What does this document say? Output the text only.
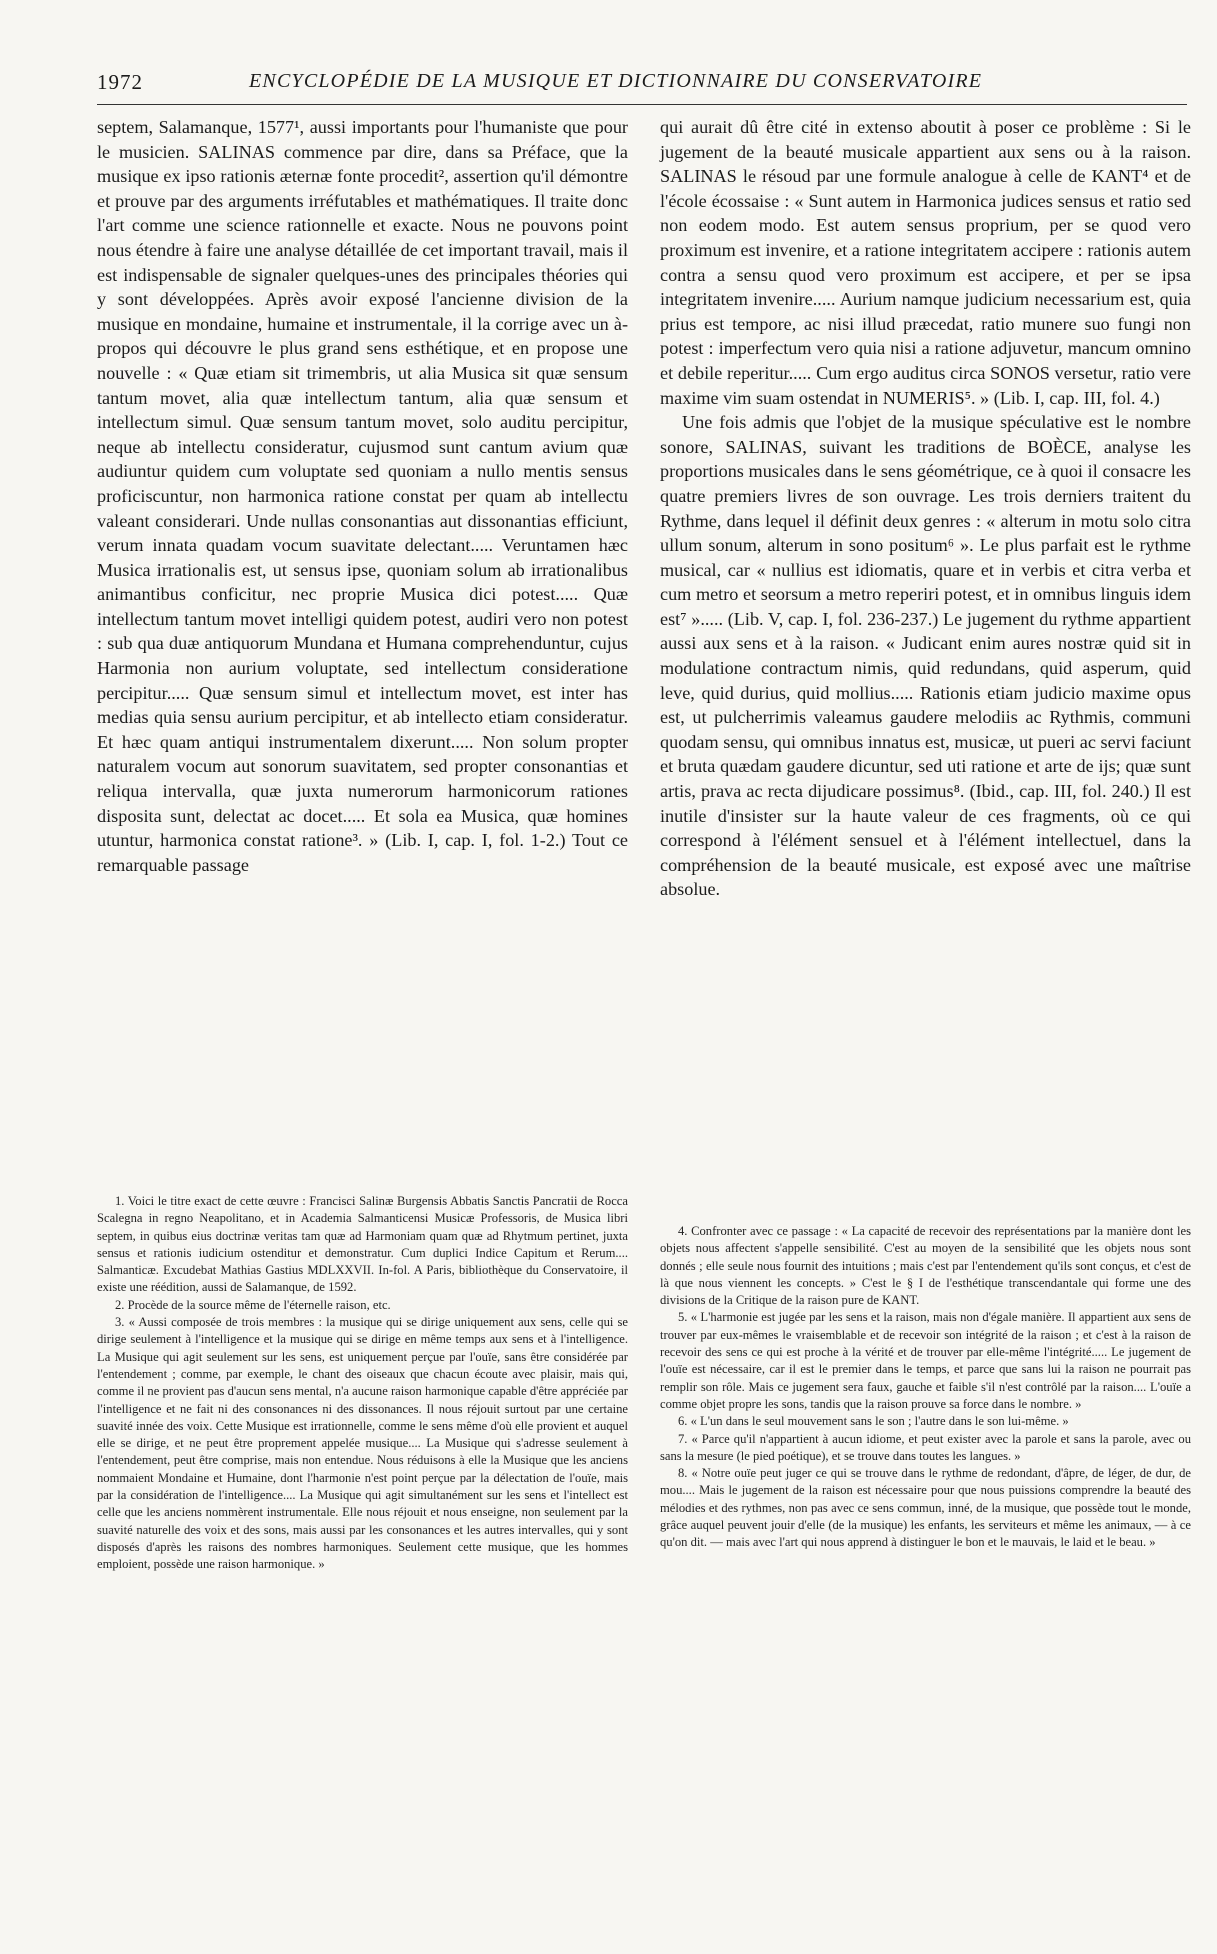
1972	ENCYCLOPÉDIE DE LA MUSIQUE ET DICTIONNAIRE DU CONSERVATOIRE

septem, Salamanque, 1577¹, aussi importants pour l'humaniste que pour le musicien. SALINAS commence par dire, dans sa Préface, que la musique ex ipso rationis æternæ fonte procedit², assertion qu'il démontre et prouve par des arguments irréfutables et mathématiques. Il traite donc l'art comme une science rationnelle et exacte. Nous ne pouvons point nous étendre à faire une analyse détaillée de cet important travail, mais il est indispensable de signaler quelques-unes des principales théories qui y sont développées. Après avoir exposé l'ancienne division de la musique en mondaine, humaine et instrumentale, il la corrige avec un à-propos qui découvre le plus grand sens esthétique, et en propose une nouvelle : « Quæ etiam sit trimembris, ut alia Musica sit quæ sensum tantum movet, alia quæ intellectum tantum, alia quæ sensum et intellectum simul. Quæ sensum tantum movet, solo auditu percipitur, neque ab intellectu consideratur, cujusmod sunt cantum avium quæ audiuntur quidem cum voluptate sed quoniam a nullo mentis sensus proficiscuntur, non harmonica ratione constat per quam ab intellectu valeant considerari. Unde nullas consonantias aut dissonantias efficiunt, verum innata quadam vocum suavitate delectant..... Veruntamen hæc Musica irrationalis est, ut sensus ipse, quoniam solum ab irrationalibus animantibus conficitur, nec proprie Musica dici potest..... Quæ intellectum tantum movet intelligi quidem potest, audiri vero non potest : sub qua duæ antiquorum Mundana et Humana comprehenduntur, cujus Harmonia non aurium voluptate, sed intellectum consideratione percipitur..... Quæ sensum simul et intellectum movet, est inter has medias quia sensu aurium percipitur, et ab intellecto etiam consideratur. Et hæc quam antiqui instrumentalem dixerunt..... Non solum propter naturalem vocum aut sonorum suavitatem, sed propter consonantias et reliqua intervalla, quæ juxta numerorum harmonicorum rationes disposita sunt, delectat ac docet..... Et sola ea Musica, quæ homines utuntur, harmonica constat ratione³. » (Lib. I, cap. I, fol. 1-2.) Tout ce remarquable passage

qui aurait dû être cité in extenso aboutit à poser ce problème : Si le jugement de la beauté musicale appartient aux sens ou à la raison. SALINAS le résoud par une formule analogue à celle de KANT⁴ et de l'école écossaise : « Sunt autem in Harmonica judices sensus et ratio sed non eodem modo. Est autem sensus proprium, per se quod vero proximum est invenire, et a ratione integritatem accipere : rationis autem contra a sensu quod vero proximum est accipere, et per se ipsa integritatem invenire..... Aurium namque judicium necessarium est, quia prius est tempore, ac nisi illud præcedat, ratio munere suo fungi non potest : imperfectum vero quia nisi a ratione adjuvetur, mancum omnino et debile reperitur..... Cum ergo auditus circa SONOS versetur, ratio vere maxime vim suam ostendat in NUMERIS⁵. » (Lib. I, cap. III, fol. 4.)

Une fois admis que l'objet de la musique spéculative est le nombre sonore, SALINAS, suivant les traditions de BOÈCE, analyse les proportions musicales dans le sens géométrique, ce à quoi il consacre les quatre premiers livres de son ouvrage. Les trois derniers traitent du Rythme, dans lequel il définit deux genres : « alterum in motu solo citra ullum sonum, alterum in sono positum⁶ ». Le plus parfait est le rythme musical, car « nullius est idiomatis, quare et in verbis et citra verba et cum metro et seorsum a metro reperiri potest, et in omnibus linguis idem est⁷ »..... (Lib. V, cap. I, fol. 236-237.) Le jugement du rythme appartient aussi aux sens et à la raison. « Judicant enim aures nostræ quid sit in modulatione contractum nimis, quid redundans, quid asperum, quid leve, quid durius, quid mollius..... Rationis etiam judicio maxime opus est, ut pulcherrimis valeamus gaudere melodiis ac Rythmis, communi quodam sensu, qui omnibus innatus est, musicæ, ut pueri ac servi faciunt et bruta quædam gaudere dicuntur, sed uti ratione et arte de ijs; quæ sunt artis, prava ac recta dijudicare possimus⁸. (Ibid., cap. III, fol. 240.) Il est inutile d'insister sur la haute valeur de ces fragments, où ce qui correspond à l'élément sensuel et à l'élément intellectuel, dans la compréhension de la beauté musicale, est exposé avec une maîtrise absolue.

1. Voici le titre exact de cette œuvre : Francisci Salinæ Burgensis Abbatis Sanctis Pancratii de Rocca Scalegna in regno Neapolitano, et in Academia Salmanticensi Musicæ Professoris, de Musica libri septem, in quibus eius doctrinæ veritas tam quæ ad Harmoniam quam quæ ad Rhytmum pertinet, juxta sensus et rationis iudicium ostenditur et demonstratur. Cum duplici Indice Capitum et Rerum.... Salmanticæ. Excudebat Mathias Gastius MDLXXVII. In-fol. A Paris, bibliothèque du Conservatoire, il existe une réédition, aussi de Salamanque, de 1592.

2. Procède de la source même de l'éternelle raison, etc.

3. « Aussi composée de trois membres : la musique qui se dirige uniquement aux sens, celle qui se dirige seulement à l'intelligence et la musique qui se dirige en même temps aux sens et à l'intelligence. La Musique qui agit seulement sur les sens, est uniquement perçue par l'ouïe, sans être considérée par l'entendement ; comme, par exemple, le chant des oiseaux que chacun écoute avec plaisir, mais qui, comme il ne provient pas d'aucun sens mental, n'a aucune raison harmonique capable d'être appréciée par l'intelligence et ne fait ni des consonances ni des dissonances. Il nous réjouit surtout par une certaine suavité innée des voix. Cette Musique est irrationnelle, comme le sens même d'où elle provient et auquel elle se dirige, et ne peut être proprement appelée musique.... La Musique qui s'adresse seulement à l'entendement, peut être comprise, mais non entendue. Nous réduisons à elle la Musique que les anciens nommaient Mondaine et Humaine, dont l'harmonie n'est point perçue par la délectation de l'ouïe, mais par la considération de l'intelligence.... La Musique qui agit simultanément sur les sens et l'intellect est celle que les anciens nommèrent instrumentale. Elle nous réjouit et nous enseigne, non seulement par la suavité naturelle des voix et des sons, mais aussi par les consonances et les autres intervalles, qui y sont disposés d'après les raisons des nombres harmoniques. Seulement cette musique, que les hommes emploient, possède une raison harmonique. »

4. Confronter avec ce passage : « La capacité de recevoir des représentations par la manière dont les objets nous affectent s'appelle sensibilité. C'est au moyen de la sensibilité que les objets nous sont donnés ; elle seule nous fournit des intuitions ; mais c'est par l'entendement qu'ils sont conçus, et c'est de là que nous viennent les concepts. » C'est le § I de l'esthétique transcendantale qui forme une des divisions de la Critique de la raison pure de KANT.

5. « L'harmonie est jugée par les sens et la raison, mais non d'égale manière. Il appartient aux sens de trouver par eux-mêmes le vraisemblable et de recevoir son intégrité de la raison ; et c'est à la raison de recevoir des sens ce qui est proche à la vérité et de trouver par elle-même l'intégrité..... Le jugement de l'ouïe est nécessaire, car il est le premier dans le temps, et parce que sans lui la raison ne pourrait pas remplir son rôle. Mais ce jugement sera faux, gauche et faible s'il n'est contrôlé par la raison.... L'ouïe a comme objet propre les sons, tandis que la raison prouve sa force dans le nombre. »

6. « L'un dans le seul mouvement sans le son ; l'autre dans le son lui-même. »

7. « Parce qu'il n'appartient à aucun idiome, et peut exister avec la parole et sans la parole, avec ou sans la mesure (le pied poétique), et se trouve dans toutes les langues. »

8. « Notre ouïe peut juger ce qui se trouve dans le rythme de redondant, d'âpre, de léger, de dur, de mou.... Mais le jugement de la raison est nécessaire pour que nous puissions comprendre la beauté des mélodies et des rythmes, non pas avec ce sens commun, inné, de la musique, que possède tout le monde, grâce auquel peuvent jouir d'elle (de la musique) les enfants, les serviteurs et même les animaux, — à ce qu'on dit. — mais avec l'art qui nous apprend à distinguer le bon et le mauvais, le laid et le beau. »
